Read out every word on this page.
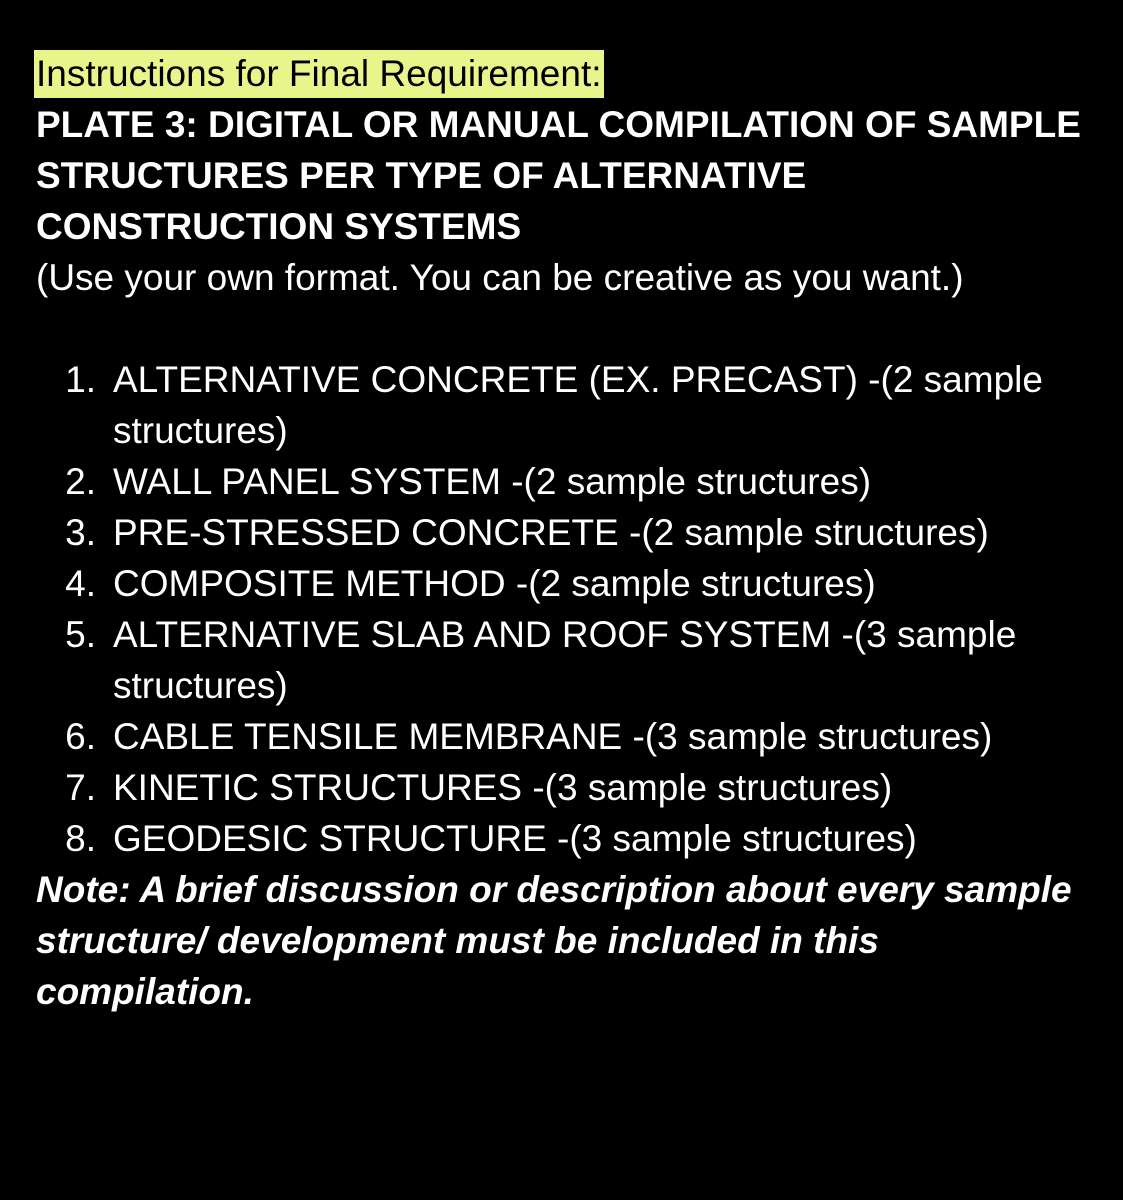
Instructions for Final Requirement:
PLATE 3: DIGITAL OR MANUAL COMPILATION OF SAMPLE STRUCTURES PER TYPE OF ALTERNATIVE CONSTRUCTION SYSTEMS
(Use your own format. You can be creative as you want.)
1. ALTERNATIVE CONCRETE (EX. PRECAST) -(2 sample structures)
2. WALL PANEL SYSTEM -(2 sample structures)
3. PRE-STRESSED CONCRETE -(2 sample structures)
4. COMPOSITE METHOD -(2 sample structures)
5. ALTERNATIVE SLAB AND ROOF SYSTEM -(3 sample structures)
6. CABLE TENSILE MEMBRANE -(3 sample structures)
7. KINETIC STRUCTURES -(3 sample structures)
8. GEODESIC STRUCTURE -(3 sample structures)
Note: A brief discussion or description about every sample structure/ development must be included in this compilation.
